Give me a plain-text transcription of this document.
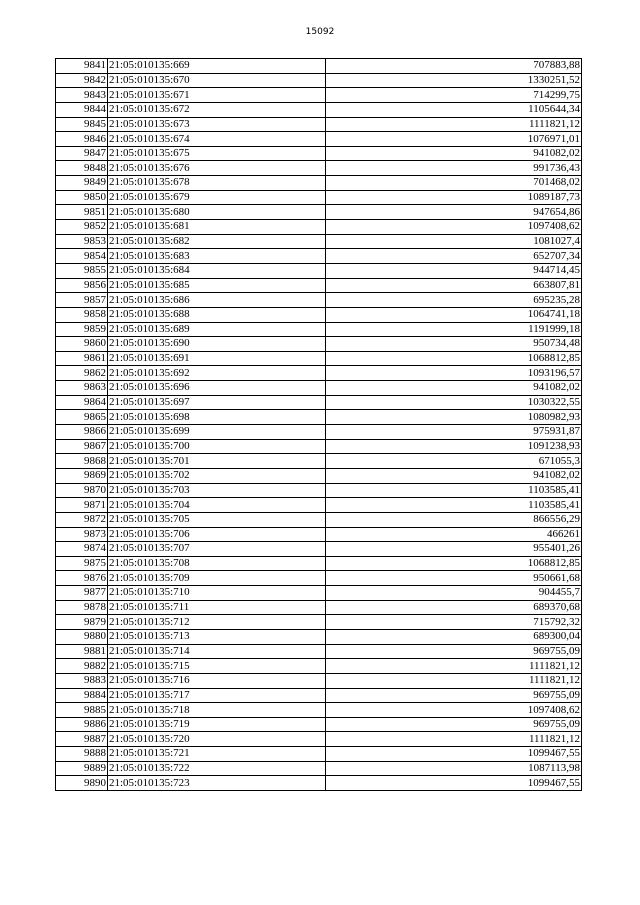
15092
9841	21:05:010135:669	707883,88
9842	21:05:010135:670	1330251,52
9843	21:05:010135:671	714299,75
9844	21:05:010135:672	1105644,34
9845	21:05:010135:673	1111821,12
9846	21:05:010135:674	1076971,01
9847	21:05:010135:675	941082,02
9848	21:05:010135:676	991736,43
9849	21:05:010135:678	701468,02
9850	21:05:010135:679	1089187,73
9851	21:05:010135:680	947654,86
9852	21:05:010135:681	1097408,62
9853	21:05:010135:682	1081027,4
9854	21:05:010135:683	652707,34
9855	21:05:010135:684	944714,45
9856	21:05:010135:685	663807,81
9857	21:05:010135:686	695235,28
9858	21:05:010135:688	1064741,18
9859	21:05:010135:689	1191999,18
9860	21:05:010135:690	950734,48
9861	21:05:010135:691	1068812,85
9862	21:05:010135:692	1093196,57
9863	21:05:010135:696	941082,02
9864	21:05:010135:697	1030322,55
9865	21:05:010135:698	1080982,93
9866	21:05:010135:699	975931,87
9867	21:05:010135:700	1091238,93
9868	21:05:010135:701	671055,3
9869	21:05:010135:702	941082,02
9870	21:05:010135:703	1103585,41
9871	21:05:010135:704	1103585,41
9872	21:05:010135:705	866556,29
9873	21:05:010135:706	466261
9874	21:05:010135:707	955401,26
9875	21:05:010135:708	1068812,85
9876	21:05:010135:709	950661,68
9877	21:05:010135:710	904455,7
9878	21:05:010135:711	689370,68
9879	21:05:010135:712	715792,32
9880	21:05:010135:713	689300,04
9881	21:05:010135:714	969755,09
9882	21:05:010135:715	1111821,12
9883	21:05:010135:716	1111821,12
9884	21:05:010135:717	969755,09
9885	21:05:010135:718	1097408,62
9886	21:05:010135:719	969755,09
9887	21:05:010135:720	1111821,12
9888	21:05:010135:721	1099467,55
9889	21:05:010135:722	1087113,98
9890	21:05:010135:723	1099467,55
